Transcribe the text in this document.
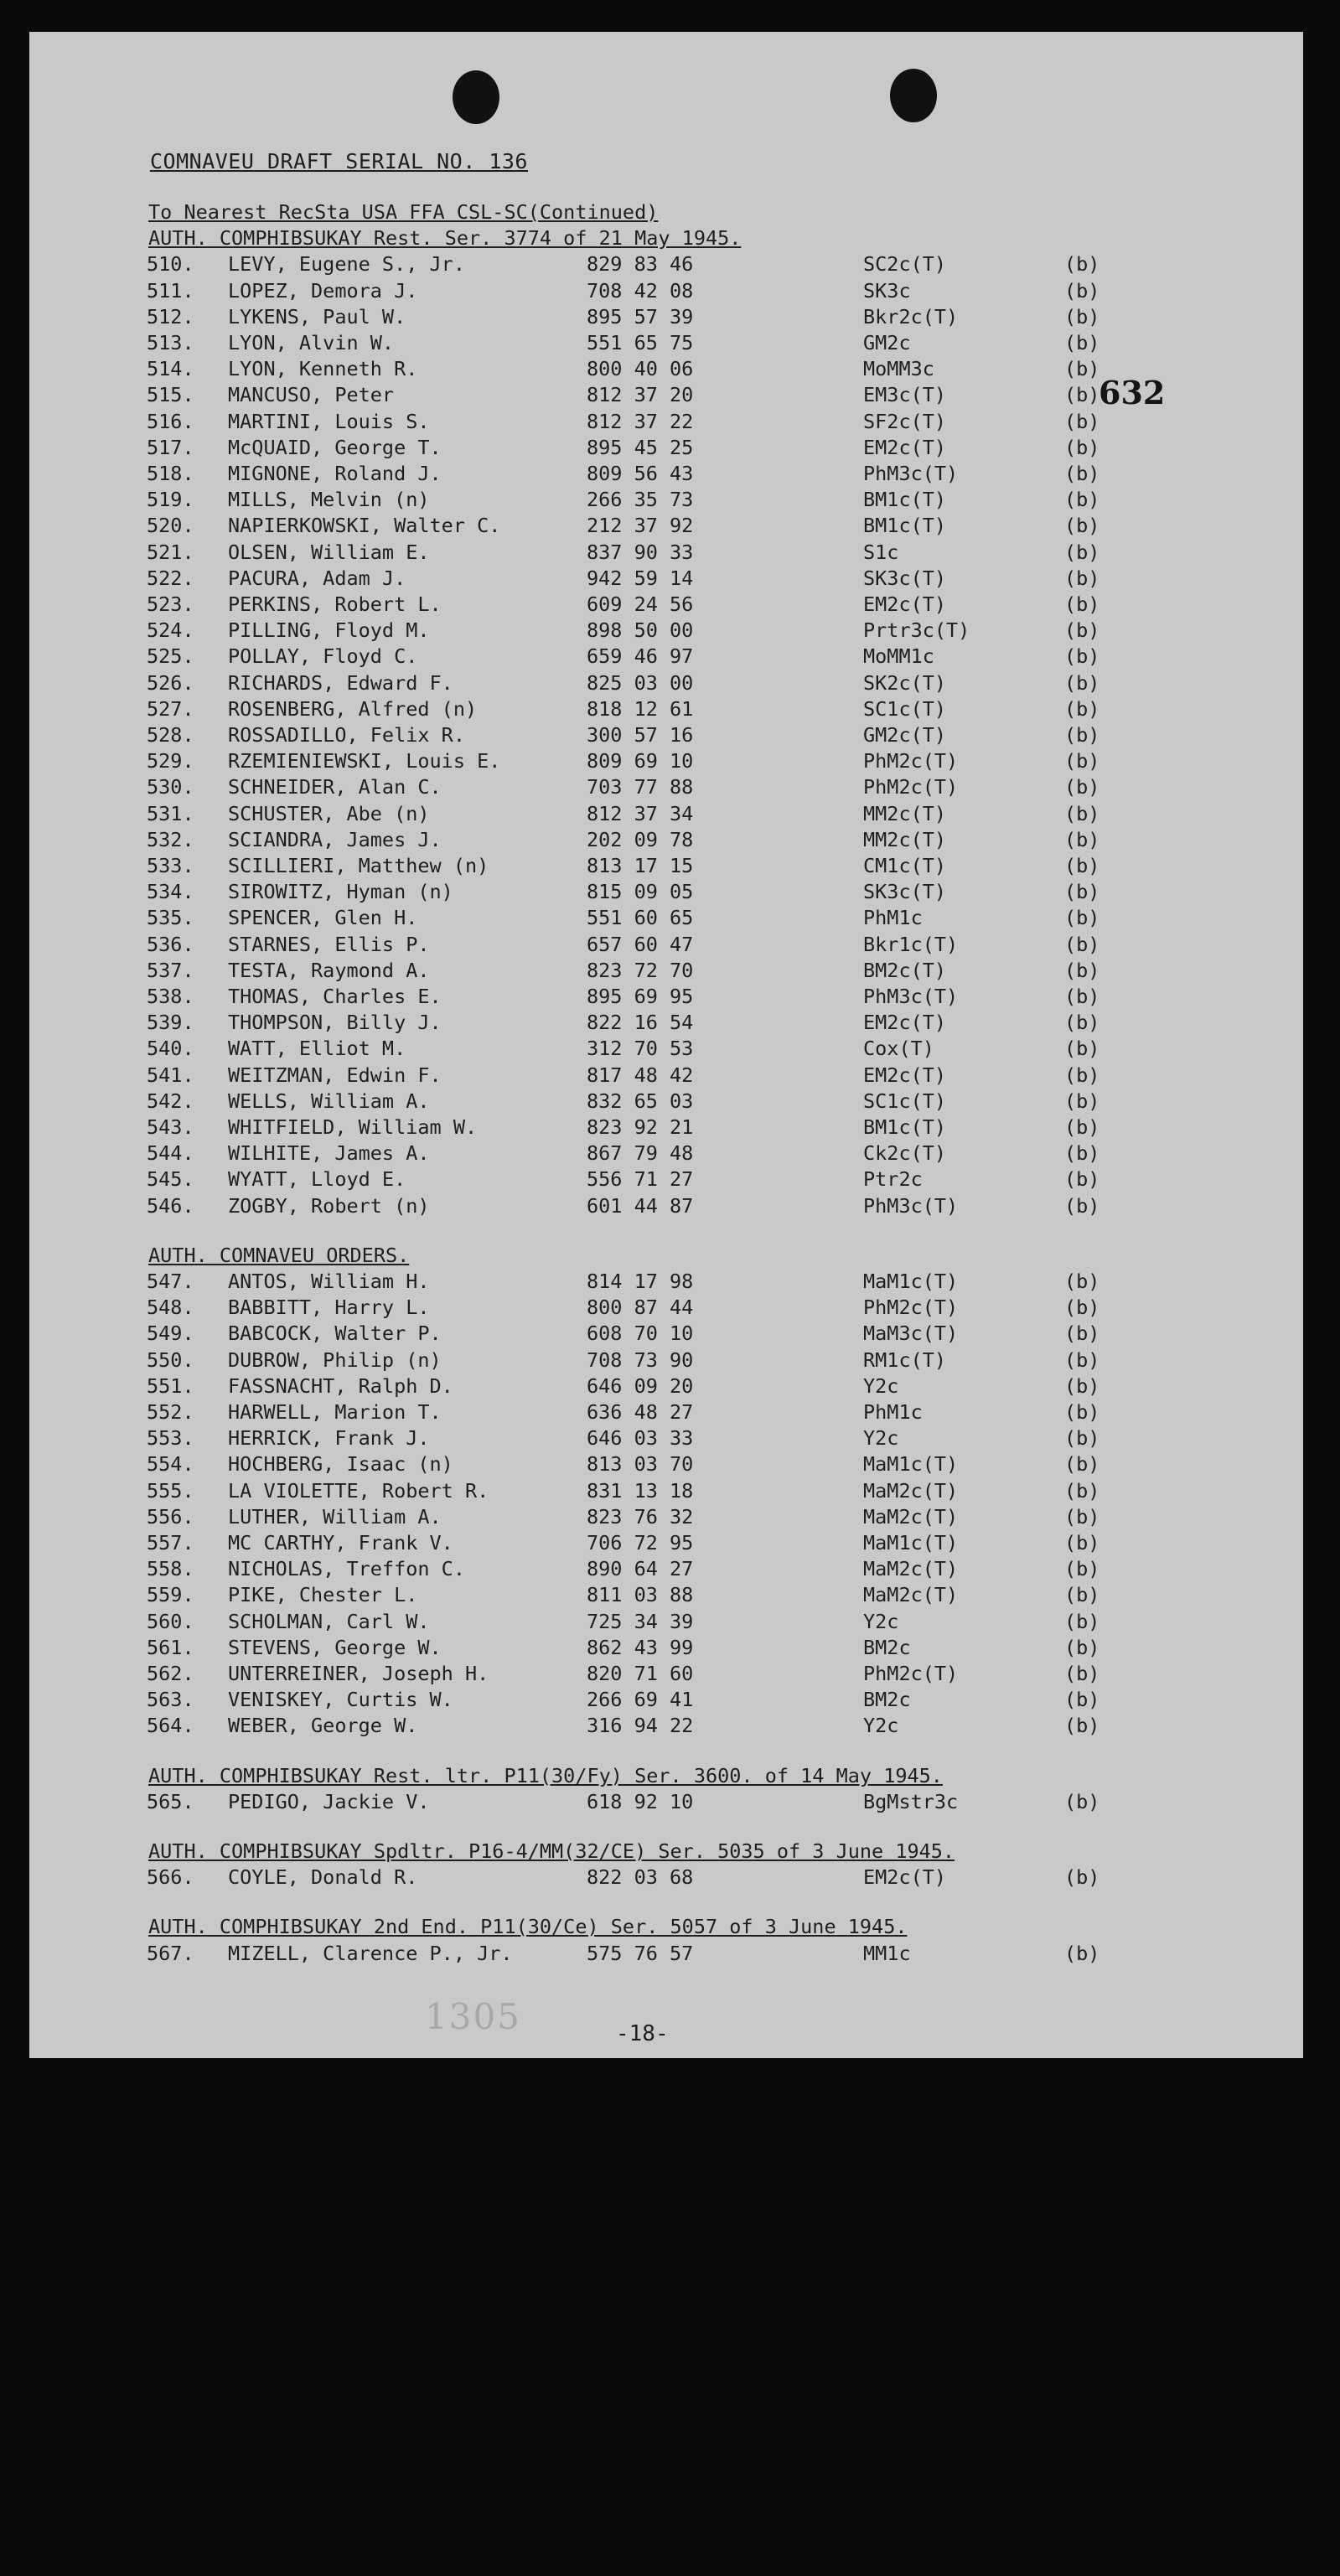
COMNAVEU DRAFT SERIAL NO. 136
632
To Nearest RecSta USA FFA CSL-SC(Continued)
AUTH. COMPHIBSUKAY Rest. Ser. 3774 of 21 May 1945.
510.	LEVY, Eugene S., Jr.	829 83 46	SC2c(T)	(b)
511.	LOPEZ, Demora J.	708 42 08	SK3c	(b)
512.	LYKENS, Paul W.	895 57 39	Bkr2c(T)	(b)
513.	LYON, Alvin W.	551 65 75	GM2c	(b)
514.	LYON, Kenneth R.	800 40 06	MoMM3c	(b)
515.	MANCUSO, Peter	812 37 20	EM3c(T)	(b)
516.	MARTINI, Louis S.	812 37 22	SF2c(T)	(b)
517.	McQUAID, George T.	895 45 25	EM2c(T)	(b)
518.	MIGNONE, Roland J.	809 56 43	PhM3c(T)	(b)
519.	MILLS, Melvin (n)	266 35 73	BM1c(T)	(b)
520.	NAPIERKOWSKI, Walter C.	212 37 92	BM1c(T)	(b)
521.	OLSEN, William E.	837 90 33	S1c	(b)
522.	PACURA, Adam J.	942 59 14	SK3c(T)	(b)
523.	PERKINS, Robert L.	609 24 56	EM2c(T)	(b)
524.	PILLING, Floyd M.	898 50 00	Prtr3c(T)	(b)
525.	POLLAY, Floyd C.	659 46 97	MoMM1c	(b)
526.	RICHARDS, Edward F.	825 03 00	SK2c(T)	(b)
527.	ROSENBERG, Alfred (n)	818 12 61	SC1c(T)	(b)
528.	ROSSADILLO, Felix R.	300 57 16	GM2c(T)	(b)
529.	RZEMIENIEWSKI, Louis E.	809 69 10	PhM2c(T)	(b)
530.	SCHNEIDER, Alan C.	703 77 88	PhM2c(T)	(b)
531.	SCHUSTER, Abe (n)	812 37 34	MM2c(T)	(b)
532.	SCIANDRA, James J.	202 09 78	MM2c(T)	(b)
533.	SCILLIERI, Matthew (n)	813 17 15	CM1c(T)	(b)
534.	SIROWITZ, Hyman (n)	815 09 05	SK3c(T)	(b)
535.	SPENCER, Glen H.	551 60 65	PhM1c	(b)
536.	STARNES, Ellis P.	657 60 47	Bkr1c(T)	(b)
537.	TESTA, Raymond A.	823 72 70	BM2c(T)	(b)
538.	THOMAS, Charles E.	895 69 95	PhM3c(T)	(b)
539.	THOMPSON, Billy J.	822 16 54	EM2c(T)	(b)
540.	WATT, Elliot M.	312 70 53	Cox(T)	(b)
541.	WEITZMAN, Edwin F.	817 48 42	EM2c(T)	(b)
542.	WELLS, William A.	832 65 03	SC1c(T)	(b)
543.	WHITFIELD, William W.	823 92 21	BM1c(T)	(b)
544.	WILHITE, James A.	867 79 48	Ck2c(T)	(b)
545.	WYATT, Lloyd E.	556 71 27	Ptr2c	(b)
546.	ZOGBY, Robert (n)	601 44 87	PhM3c(T)	(b)
AUTH. COMNAVEU ORDERS.
547.	ANTOS, William H.	814 17 98	MaM1c(T)	(b)
548.	BABBITT, Harry L.	800 87 44	PhM2c(T)	(b)
549.	BABCOCK, Walter P.	608 70 10	MaM3c(T)	(b)
550.	DUBROW, Philip (n)	708 73 90	RM1c(T)	(b)
551.	FASSNACHT, Ralph D.	646 09 20	Y2c	(b)
552.	HARWELL, Marion T.	636 48 27	PhM1c	(b)
553.	HERRICK, Frank J.	646 03 33	Y2c	(b)
554.	HOCHBERG, Isaac (n)	813 03 70	MaM1c(T)	(b)
555.	LA VIOLETTE, Robert R.	831 13 18	MaM2c(T)	(b)
556.	LUTHER, William A.	823 76 32	MaM2c(T)	(b)
557.	MC CARTHY, Frank V.	706 72 95	MaM1c(T)	(b)
558.	NICHOLAS, Treffon C.	890 64 27	MaM2c(T)	(b)
559.	PIKE, Chester L.	811 03 88	MaM2c(T)	(b)
560.	SCHOLMAN, Carl W.	725 34 39	Y2c	(b)
561.	STEVENS, George W.	862 43 99	BM2c	(b)
562.	UNTERREINER, Joseph H.	820 71 60	PhM2c(T)	(b)
563.	VENISKEY, Curtis W.	266 69 41	BM2c	(b)
564.	WEBER, George W.	316 94 22	Y2c	(b)
AUTH. COMPHIBSUKAY Rest. ltr. P11(30/Fy) Ser. 3600. of 14 May 1945.
565.	PEDIGO, Jackie V.	618 92 10	BgMstr3c	(b)
AUTH. COMPHIBSUKAY Spdltr. P16-4/MM(32/CE) Ser. 5035 of 3 June 1945.
566.	COYLE, Donald R.	822 03 68	EM2c(T)	(b)
AUTH. COMPHIBSUKAY 2nd End. P11(30/Ce) Ser. 5057 of 3 June 1945.
567.	MIZELL, Clarence P., Jr.	575 76 57	MM1c	(b)
1305	-18-
